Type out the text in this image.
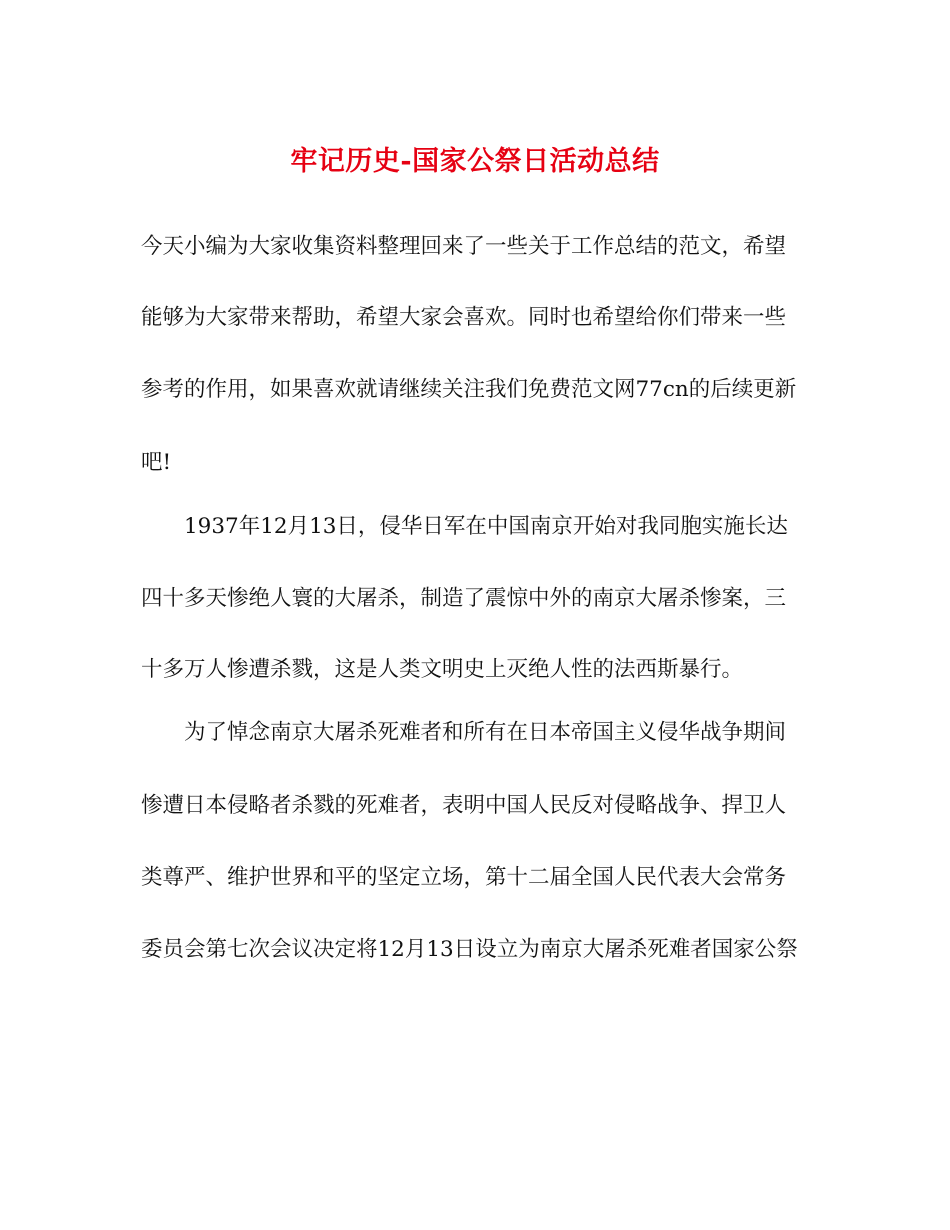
牢记历史-国家公祭日活动总结
今天小编为大家收集资料整理回来了一些关于工作总结的范文，希望
能够为大家带来帮助，希望大家会喜欢。同时也希望给你们带来一些
参考的作用，如果喜欢就请继续关注我们免费范文网77cn的后续更新
吧!
1937年12月13日，侵华日军在中国南京开始对我同胞实施长达
四十多天惨绝人寰的大屠杀，制造了震惊中外的南京大屠杀惨案，三
十多万人惨遭杀戮，这是人类文明史上灭绝人性的法西斯暴行。
为了悼念南京大屠杀死难者和所有在日本帝国主义侵华战争期间
惨遭日本侵略者杀戮的死难者，表明中国人民反对侵略战争、捍卫人
类尊严、维护世界和平的坚定立场，第十二届全国人民代表大会常务
委员会第七次会议决定将12月13日设立为南京大屠杀死难者国家公祭
